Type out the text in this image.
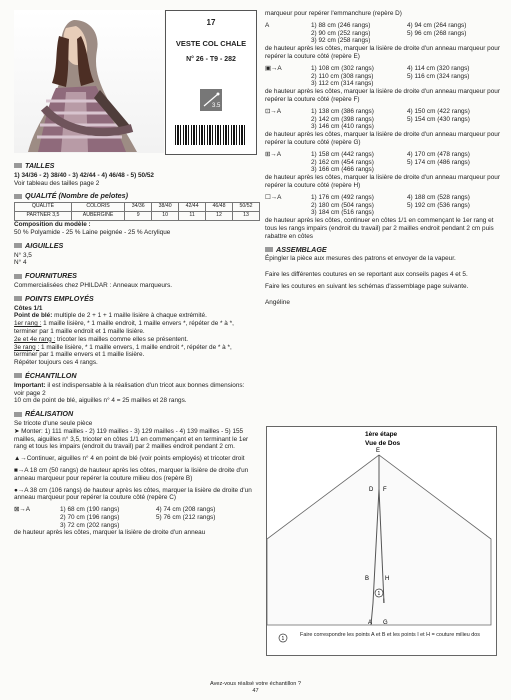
17
VESTE COL CHALE
N° 26 - T9 - 282
3.5
TAILLES
1) 34/36 - 2) 38/40 - 3) 42/44 - 4) 46/48 - 5) 50/52
Voir tableau des tailles page 2
QUALITÉ (Nombre de pelotes)
QUALITÉ	COLORIS	34/36	38/40	42/44	46/48	50/52
PARTNER 3,5	AUBERGINE	9	10	11	12	13
Composition du modèle :
50 % Polyamide - 25 % Laine peignée - 25 % Acrylique
AIGUILLES
N° 3,5
N° 4
FOURNITURES
Commercialisées chez PHILDAR : Anneaux marqueurs.
POINTS EMPLOYÉS
Côtes 1/1
Point de blé: multiple de 2 + 1 + 1 maille lisière à chaque extrémité.
1er rang : 1 maille lisière, * 1 maille endroit, 1 maille envers *, répéter de * à *, terminer par 1 maille endroit et 1 maille lisière.
2e et 4e rang : tricoter les mailles comme elles se présentent.
3e rang : 1 maille lisière, * 1 maille envers, 1 maille endroit *, répéter de * à *, terminer par 1 maille envers et 1 maille lisière.
Répéter toujours ces 4 rangs.
ÉCHANTILLON
Important: il est indispensable à la réalisation d'un tricot aux bonnes dimensions: voir page 2
10 cm de point de blé, aiguilles n° 4 = 25 mailles et 28 rangs.
RÉALISATION
Se tricote d'une seule pièce
➤ Monter: 1) 111 mailles - 2) 119 mailles - 3) 129 mailles - 4) 139 mailles - 5) 155 mailles, aiguilles n° 3,5, tricoter en côtes 1/1 en commençant et en terminant le 1er rang et tous les impairs (endroit du travail) par 2 mailles endroit pendant 2 cm.
▲→Continuer, aiguilles n° 4 en point de blé (voir points employés) et tricoter droit
■→A 18 cm (50 rangs) de hauteur après les côtes, marquer la lisière de droite d'un anneau marqueur pour repérer la couture milieu dos (repère B)
●→A 38 cm (106 rangs) de hauteur après les côtes, marquer la lisière de droite d'un anneau marqueur pour repérer la couture côté (repère C)
⊠→A	1) 68 cm (190 rangs)	4) 74 cm (208 rangs)
2) 70 cm (196 rangs)	5) 76 cm (212 rangs)
3) 72 cm (202 rangs)
de hauteur après les côtes, marquer la lisière de droite d'un anneau
marqueur pour repérer l'emmanchure (repère D)
A	1) 88 cm (246 rangs)	4) 94 cm (264 rangs)
2) 90 cm (252 rangs)	5) 96 cm (268 rangs)
3) 92 cm (258 rangs)
de hauteur après les côtes, marquer la lisière de droite d'un anneau marqueur pour repérer la couture côté (repère E)
▣→A	1) 108 cm (302 rangs)	4) 114 cm (320 rangs)
2) 110 cm (308 rangs)	5) 116 cm (324 rangs)
3) 112 cm (314 rangs)
de hauteur après les côtes, marquer la lisière de droite d'un anneau marqueur pour repérer la couture côté (repère F)
⊡→A	1) 138 cm (386 rangs)	4) 150 cm (422 rangs)
2) 142 cm (398 rangs)	5) 154 cm (430 rangs)
3) 146 cm (410 rangs)
de hauteur après les côtes, marquer la lisière de droite d'un anneau marqueur pour repérer la couture côté (repère G)
⊞→A	1) 158 cm (442 rangs)	4) 170 cm (478 rangs)
2) 162 cm (454 rangs)	5) 174 cm (486 rangs)
3) 166 cm (466 rangs)
de hauteur après les côtes, marquer la lisière de droite d'un anneau marqueur pour repérer la couture côté (repère H)
☐→A	1) 176 cm (492 rangs)	4) 188 cm (528 rangs)
2) 180 cm (504 rangs)	5) 192 cm (536 rangs)
3) 184 cm (516 rangs)
de hauteur après les côtes, continuer en côtes 1/1 en commençant le 1er rang et tous les rangs impairs (endroit du travail) par 2 mailles endroit pendant 2 cm puis rabattre en côtes
ASSEMBLAGE
Épingler la pièce aux mesures des patrons et envoyer de la vapeur.
Faire les différentes coutures en se reportant aux conseils pages 4 et 5.
Faire les coutures en suivant les schémas d'assemblage page suivante.
Angéline
1ère étape
Vue de Dos
E
D F
B	H
1
A G
I
1
Faire correspondre les points A et B et les points I et H = couture milieu dos
Avez-vous réalisé votre échantillon ?
47
